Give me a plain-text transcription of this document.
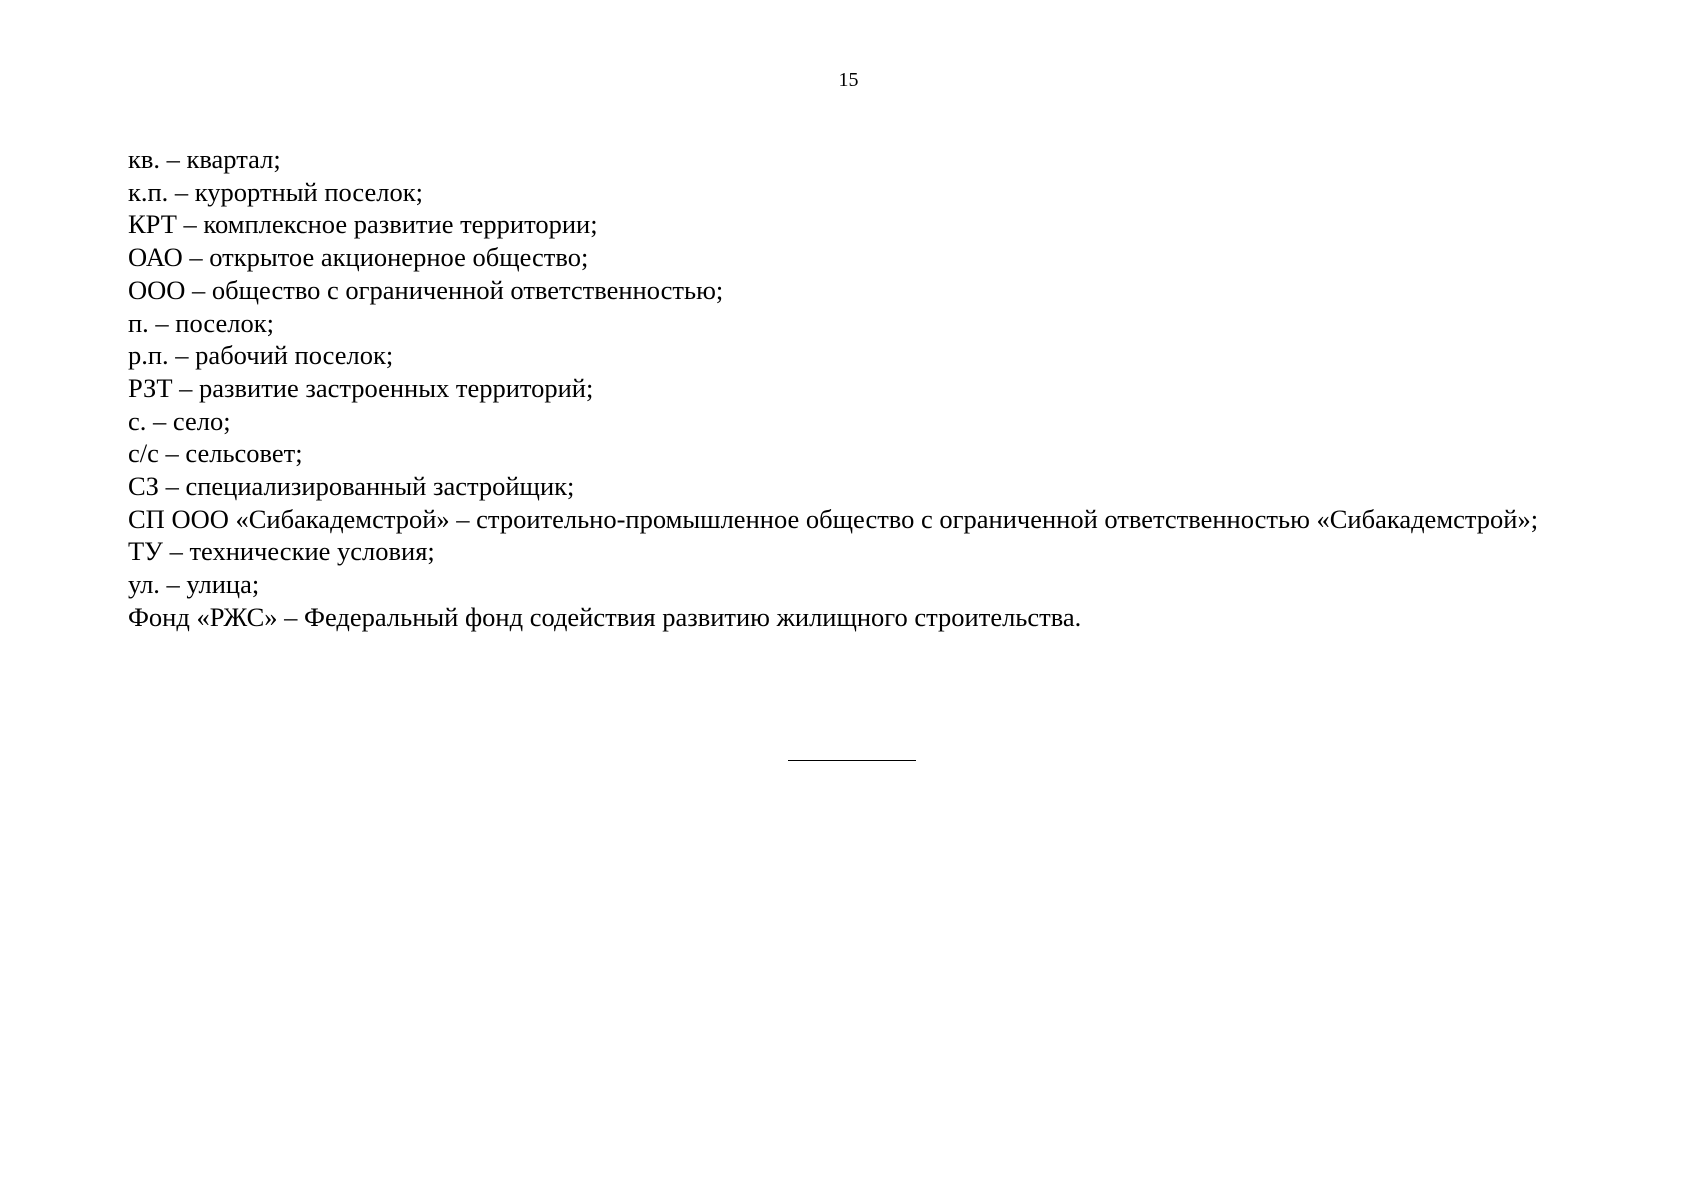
15
кв. – квартал;
к.п. – курортный поселок;
КРТ – комплексное развитие территории;
ОАО – открытое акционерное общество;
ООО – общество с ограниченной ответственностью;
п. – поселок;
р.п. – рабочий поселок;
РЗТ – развитие застроенных территорий;
с. – село;
с/с – сельсовет;
СЗ – специализированный застройщик;
СП ООО «Сибакадемстрой» – строительно-промышленное общество с ограниченной ответственностью «Сибакадемстрой»;
ТУ – технические условия;
ул. – улица;
Фонд «РЖС» – Федеральный фонд содействия развитию жилищного строительства.
